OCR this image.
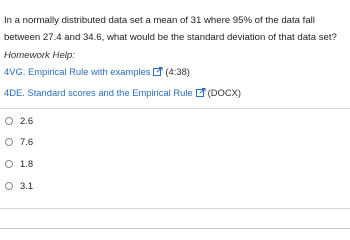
In a normally distributed data set a mean of 31 where 95% of the data fall between 27.4 and 34.6, what would be the standard deviation of that data set?

Homework Help:
4VG. Empirical Rule with examples (4:38)
4DE. Standard scores and the Empirical Rule (DOCX)
2.6
7.6
1.8
3.1
